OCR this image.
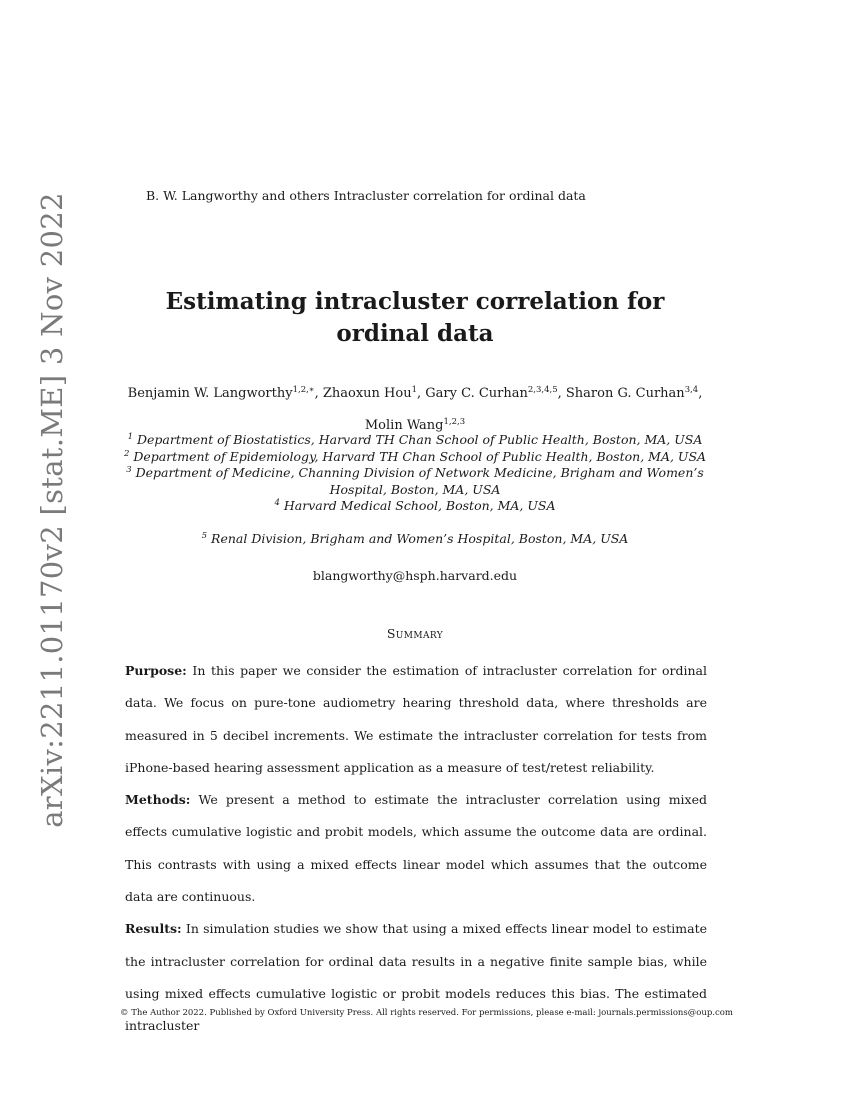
arXiv:2211.01170v2 [stat.ME] 3 Nov 2022	B. W. Langworthy and others Intracluster correlation for ordinal data
Estimating intracluster correlation for ordinal data
Benjamin W. Langworthy$^{1,2,∗}$, Zhaoxun Hou$^1$, Gary C. Curhan$^{2,3,4,5}$, Sharon G. Curhan$^{3,4}$,
Molin Wang$^{1,2,3}$
$^1$ Department of Biostatistics, Harvard TH Chan School of Public Health, Boston, MA, USA
$^2$ Department of Epidemiology, Harvard TH Chan School of Public Health, Boston, MA, USA
$^3$ Department of Medicine, Channing Division of Network Medicine, Brigham and Women’s Hospital, Boston, MA, USA
$^4$ Harvard Medical School, Boston, MA, USA
$^5$ Renal Division, Brigham and Women’s Hospital, Boston, MA, USA
blangworthy@hsph.harvard.edu
Summary

Purpose: In this paper we consider the estimation of intracluster correlation for ordinal data. We focus on pure-tone audiometry hearing threshold data, where thresholds are measured in 5 decibel increments. We estimate the intracluster correlation for tests from iPhone-based hearing assessment application as a measure of test/retest reliability.

Methods: We present a method to estimate the intracluster correlation using mixed effects cumulative logistic and probit models, which assume the outcome data are ordinal. This contrasts with using a mixed effects linear model which assumes that the outcome data are continuous.

Results: In simulation studies we show that using a mixed effects linear model to estimate the intracluster correlation for ordinal data results in a negative finite sample bias, while using mixed effects cumulative logistic or probit models reduces this bias. The estimated intracluster

© The Author 2022. Published by Oxford University Press. All rights reserved. For permissions, please e-mail: journals.permissions@oup.com
